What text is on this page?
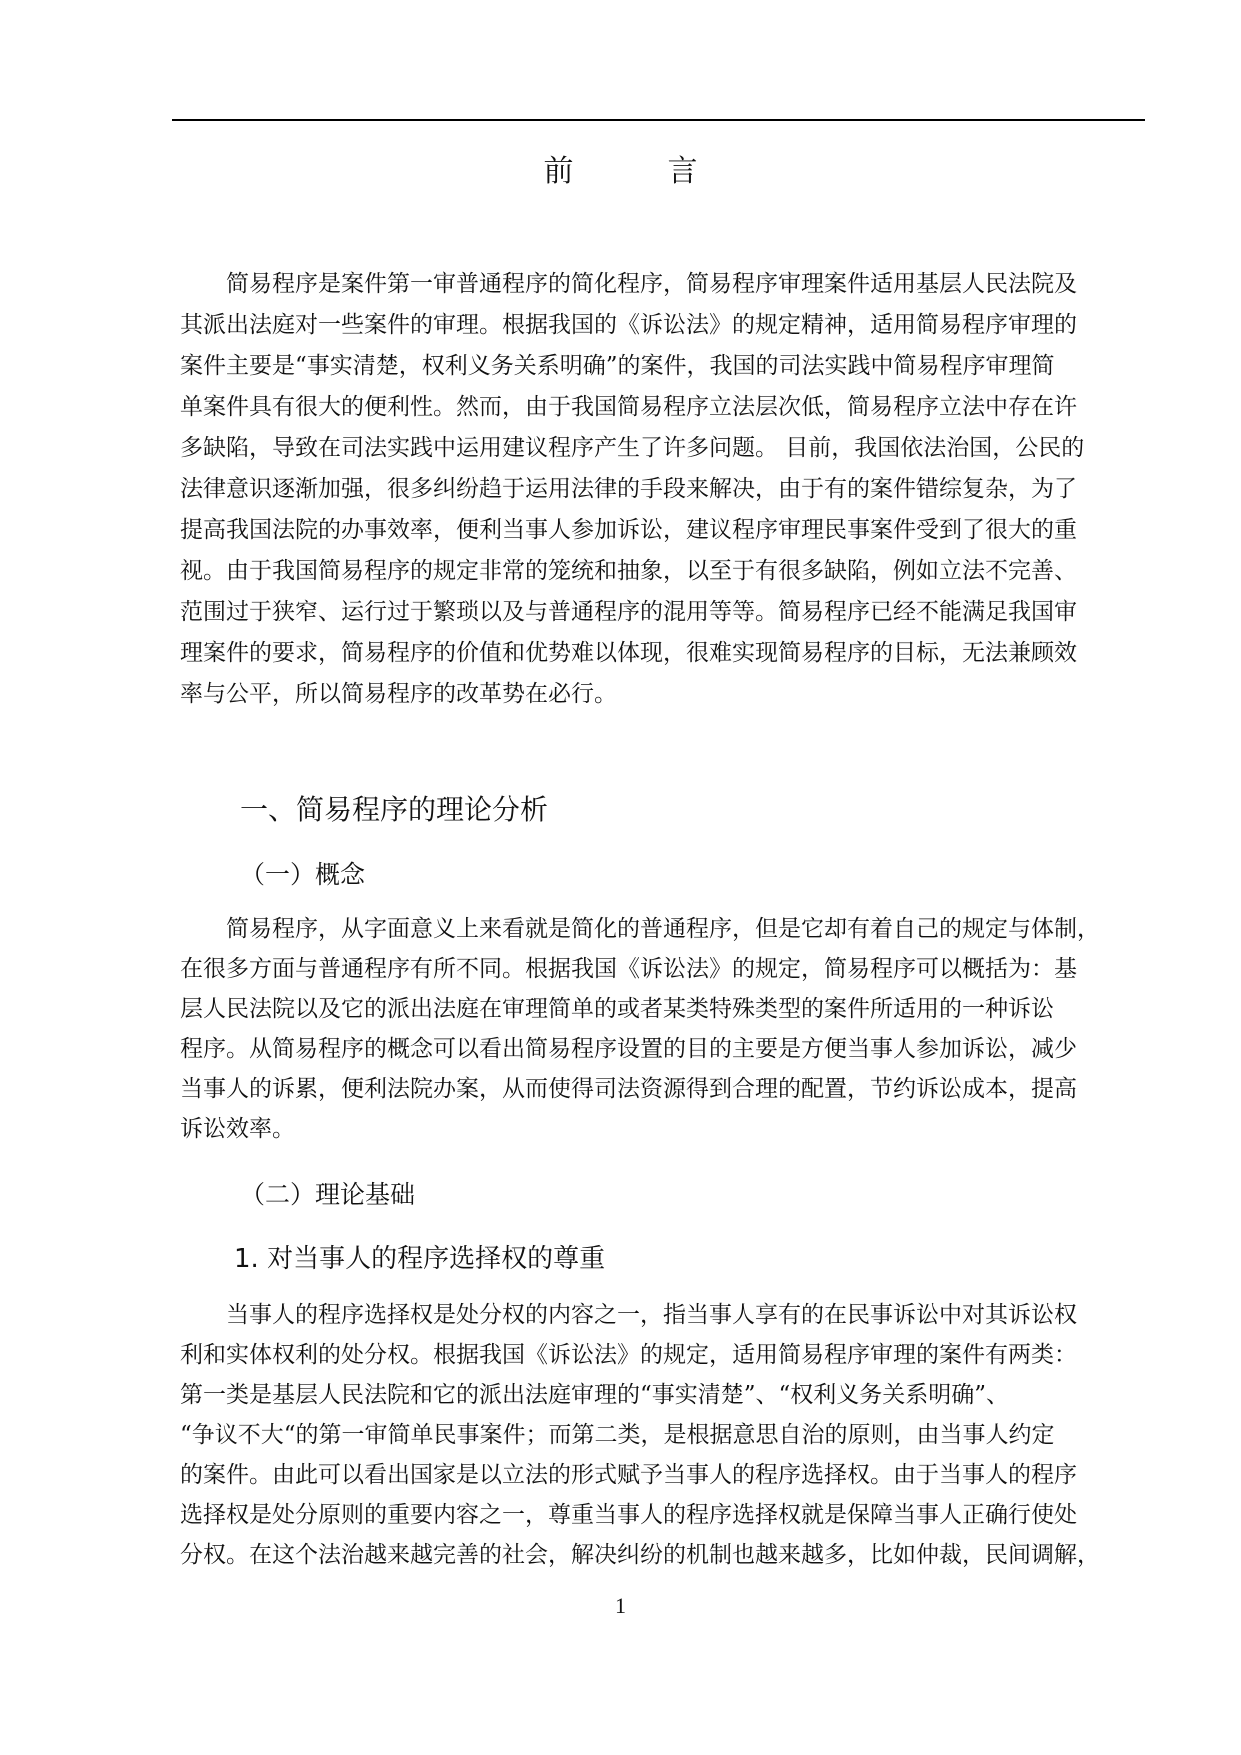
前　言
　　简易程序是案件第一审普通程序的简化程序，简易程序审理案件适用基层人民法院及
其派出法庭对一些案件的审理。根据我国的《诉讼法》的规定精神，适用简易程序审理的
案件主要是“事实清楚，权利义务关系明确”的案件，我国的司法实践中简易程序审理简
单案件具有很大的便利性。然而，由于我国简易程序立法层次低，简易程序立法中存在许
多缺陷，导致在司法实践中运用建议程序产生了许多问题。 目前，我国依法治国，公民的
法律意识逐渐加强，很多纠纷趋于运用法律的手段来解决，由于有的案件错综复杂，为了
提高我国法院的办事效率，便利当事人参加诉讼，建议程序审理民事案件受到了很大的重
视。由于我国简易程序的规定非常的笼统和抽象，以至于有很多缺陷，例如立法不完善、
范围过于狭窄、运行过于繁琐以及与普通程序的混用等等。简易程序已经不能满足我国审
理案件的要求，简易程序的价值和优势难以体现，很难实现简易程序的目标，无法兼顾效
率与公平，所以简易程序的改革势在必行。
一、简易程序的理论分析
（一）概念
　　简易程序，从字面意义上来看就是简化的普通程序，但是它却有着自己的规定与体制，
在很多方面与普通程序有所不同。根据我国《诉讼法》的规定，简易程序可以概括为：基
层人民法院以及它的派出法庭在审理简单的或者某类特殊类型的案件所适用的一种诉讼
程序。从简易程序的概念可以看出简易程序设置的目的主要是方便当事人参加诉讼，减少
当事人的诉累，便利法院办案，从而使得司法资源得到合理的配置，节约诉讼成本，提高
诉讼效率。
（二）理论基础
1. 对当事人的程序选择权的尊重
　　当事人的程序选择权是处分权的内容之一，指当事人享有的在民事诉讼中对其诉讼权
利和实体权利的处分权。根据我国《诉讼法》的规定，适用简易程序审理的案件有两类：
第一类是基层人民法院和它的派出法庭审理的“事实清楚”、“权利义务关系明确”、
“争议不大“的第一审简单民事案件；而第二类，是根据意思自治的原则，由当事人约定
的案件。由此可以看出国家是以立法的形式赋予当事人的程序选择权。由于当事人的程序
选择权是处分原则的重要内容之一，尊重当事人的程序选择权就是保障当事人正确行使处
分权。在这个法治越来越完善的社会，解决纠纷的机制也越来越多，比如仲裁，民间调解，
1
